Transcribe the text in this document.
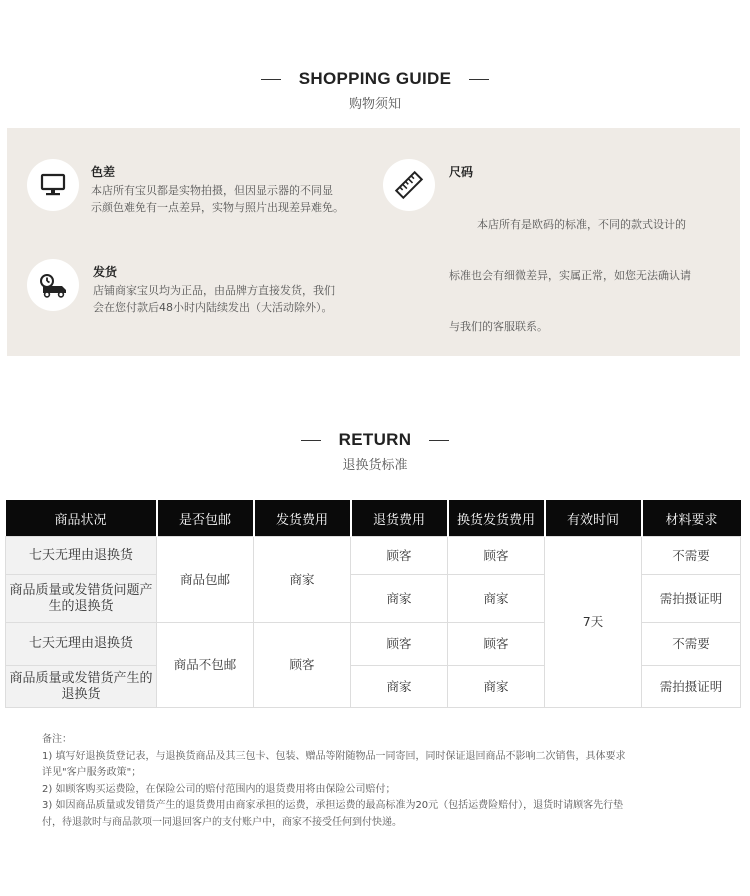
SHOPPING GUIDE
购物须知
色差
本店所有宝贝都是实物拍摄，但因显示器的不同显
示颜色难免有一点差异，实物与照片出现差异难免。
尺码

本店所有是欧码的标准，不同的款式设计的

标准也会有细微差异，实属正常，如您无法确认请

与我们的客服联系。

发货
店铺商家宝贝均为正品，由品牌方直接发货，我们
会在您付款后48小时内陆续发出（大活动除外）。
RETURN
退换货标准
商品状况	是否包邮	发货费用	退货费用	换货发货费用	有效时间	材料要求
七天无理由退换货	商品包邮	商家	顾客	顾客	7天	不需要
商品质量或发错货问题产生的退换货			商家	商家		需拍摄证明
七天无理由退换货	商品不包邮	顾客	顾客	顾客		不需要
商品质量或发错货产生的退换货			商家	商家		需拍摄证明
备注：
1) 填写好退换货登记表，与退换货商品及其三包卡、包装、赠品等附随物品一同寄回，同时保证退回商品不影响二次销售，具体要求
详见"客户服务政策"；
2) 如顾客购买运费险，在保险公司的赔付范围内的退货费用将由保险公司赔付；
3) 如因商品质量或发错货产生的退货费用由商家承担的运费，承担运费的最高标准为20元（包括运费险赔付），退货时请顾客先行垫
付，待退款时与商品款项一同退回客户的支付账户中，商家不接受任何到付快递。
